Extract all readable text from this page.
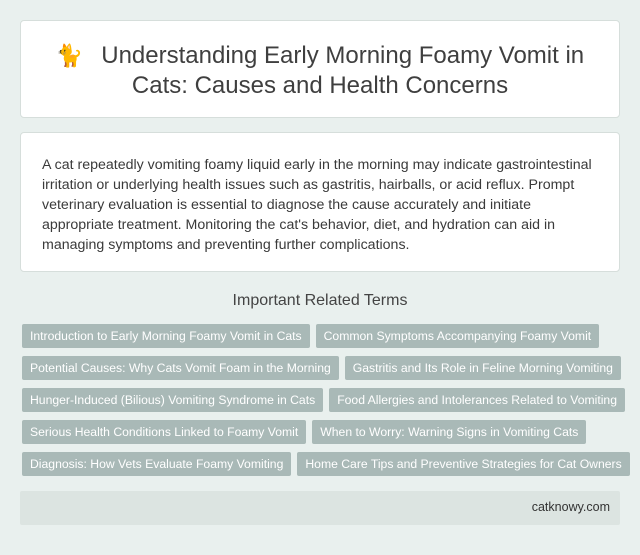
🐈 Understanding Early Morning Foamy Vomit in Cats: Causes and Health Concerns

A cat repeatedly vomiting foamy liquid early in the morning may indicate gastrointestinal irritation or underlying health issues such as gastritis, hairballs, or acid reflux. Prompt veterinary evaluation is essential to diagnose the cause accurately and initiate appropriate treatment. Monitoring the cat's behavior, diet, and hydration can aid in managing symptoms and preventing further complications.

Important Related Terms
Introduction to Early Morning Foamy Vomit in Cats Common Symptoms Accompanying Foamy Vomit
Potential Causes: Why Cats Vomit Foam in the Morning Gastritis and Its Role in Feline Morning Vomiting
Hunger-Induced (Bilious) Vomiting Syndrome in Cats Food Allergies and Intolerances Related to Vomiting
Serious Health Conditions Linked to Foamy Vomit When to Worry: Warning Signs in Vomiting Cats
Diagnosis: How Vets Evaluate Foamy Vomiting Home Care Tips and Preventive Strategies for Cat Owners
catknowy.com
